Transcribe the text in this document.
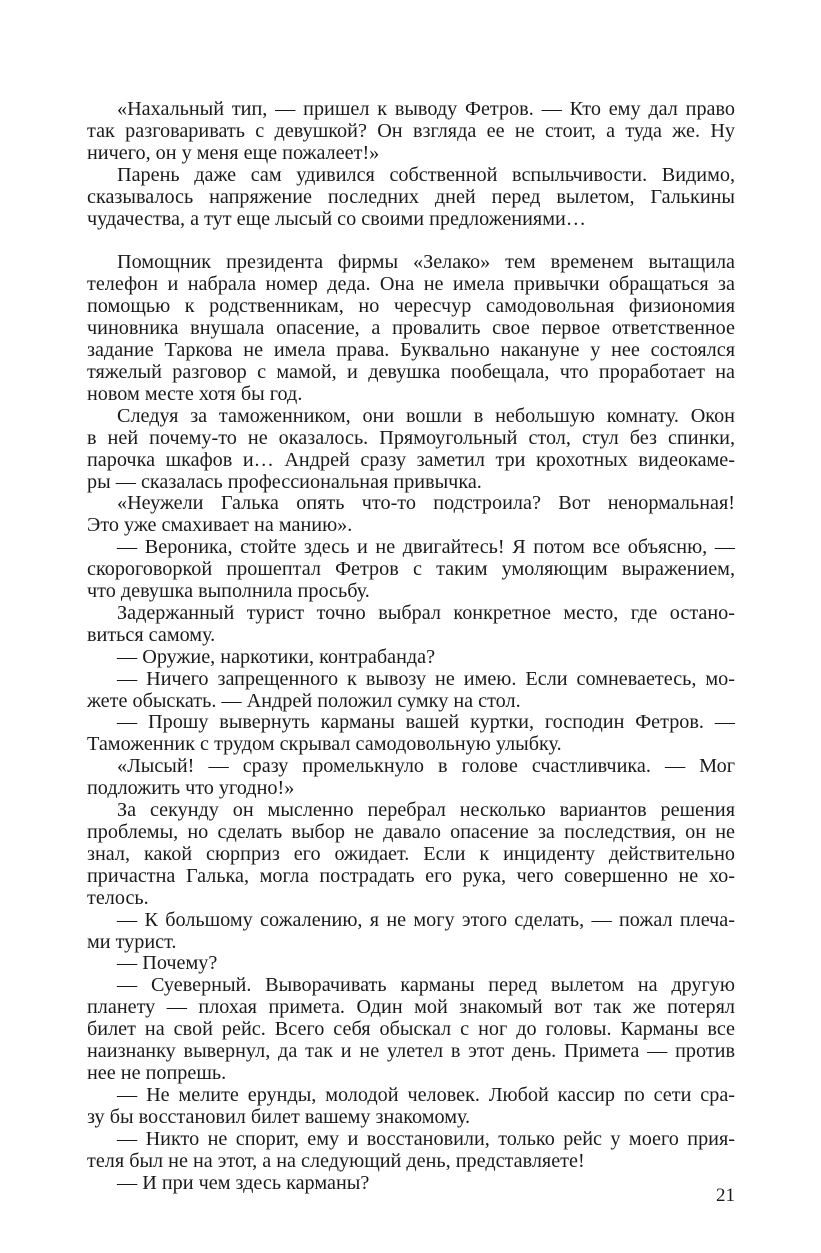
«Нахальный тип, — пришел к выводу Фетров. — Кто ему дал право
так разговаривать с девушкой? Он взгляда ее не стоит, а туда же. Ну
ничего, он у меня еще пожалеет!»

Парень даже сам удивился собственной вспыльчивости. Видимо,
сказывалось напряжение последних дней перед вылетом, Галькины
чудачества, а тут еще лысый со своими предложениями…

Помощник президента фирмы «Зелако» тем временем вытащила
телефон и набрала номер деда. Она не имела привычки обращаться за
помощью к родственникам, но чересчур самодовольная физиономия
чиновника внушала опасение, а провалить свое первое ответственное
задание Таркова не имела права. Буквально накануне у нее состоялся
тяжелый разговор с мамой, и девушка пообещала, что проработает на
новом месте хотя бы год.

Следуя за таможенником, они вошли в небольшую комнату. Окон
в ней почему-то не оказалось. Прямоугольный стол, стул без спинки,
парочка шкафов и… Андрей сразу заметил три крохотных видеокаме-
ры — сказалась профессиональная привычка.

«Неужели Галька опять что-то подстроила? Вот ненормальная!
Это уже смахивает на манию».

— Вероника, стойте здесь и не двигайтесь! Я потом все объясню, —
скороговоркой прошептал Фетров с таким умоляющим выражением,
что девушка выполнила просьбу.

Задержанный турист точно выбрал конкретное место, где остано-
виться самому.

— Оружие, наркотики, контрабанда?

— Ничего запрещенного к вывозу не имею. Если сомневаетесь, мо-
жете обыскать. — Андрей положил сумку на стол.

— Прошу вывернуть карманы вашей куртки, господин Фетров. —
Таможенник с трудом скрывал самодовольную улыбку.

«Лысый! — сразу промелькнуло в голове счастливчика. — Мог
подложить что угодно!»

За секунду он мысленно перебрал несколько вариантов решения
проблемы, но сделать выбор не давало опасение за последствия, он не
знал, какой сюрприз его ожидает. Если к инциденту действительно
причастна Галька, могла пострадать его рука, чего совершенно не хо-
телось.

— К большому сожалению, я не могу этого сделать, — пожал плеча-
ми турист.

— Почему?

— Суеверный. Выворачивать карманы перед вылетом на другую
планету — плохая примета. Один мой знакомый вот так же потерял
билет на свой рейс. Всего себя обыскал с ног до головы. Карманы все
наизнанку вывернул, да так и не улетел в этот день. Примета — против
нее не попрешь.

— Не мелите ерунды, молодой человек. Любой кассир по сети сра-
зу бы восстановил билет вашему знакомому.

— Никто не спорит, ему и восстановили, только рейс у моего прия-
теля был не на этот, а на следующий день, представляете!

— И при чем здесь карманы?

21
